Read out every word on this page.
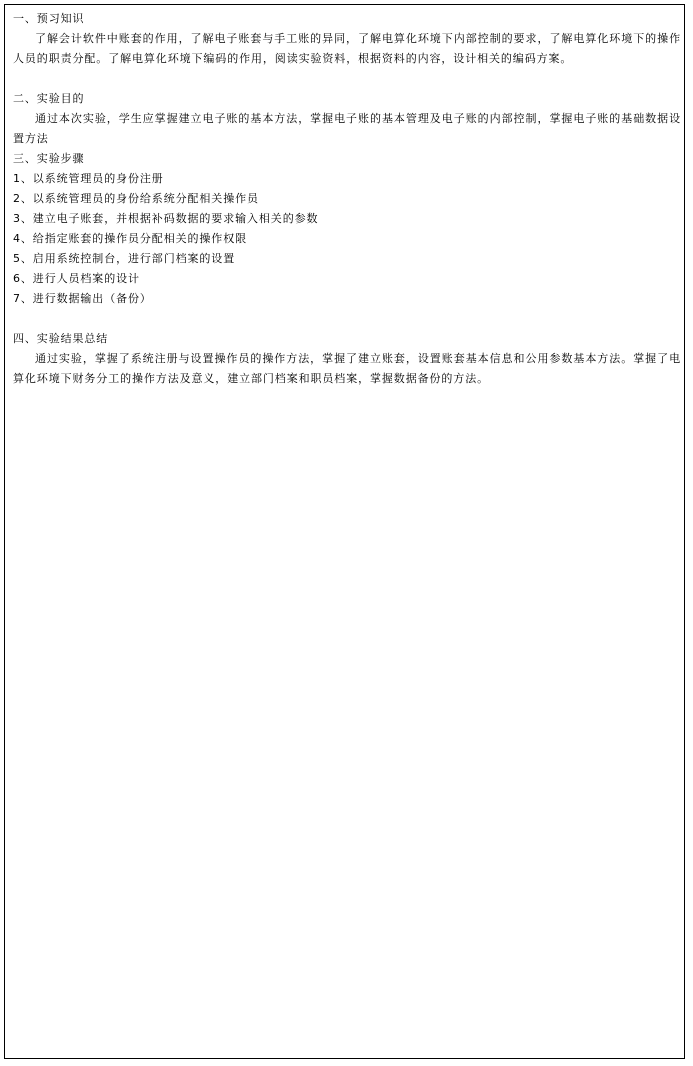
一、预习知识

了解会计软件中账套的作用，了解电子账套与手工账的异同，了解电算化环境下内部控制的要求，了解电算化环境下的操作人员的职责分配。了解电算化环境下编码的作用，阅读实验资料，根据资料的内容，设计相关的编码方案。

二、实验目的

通过本次实验，学生应掌握建立电子账的基本方法，掌握电子账的基本管理及电子账的内部控制，掌握电子账的基础数据设置方法

三、实验步骤

1、以系统管理员的身份注册

2、以系统管理员的身份给系统分配相关操作员

3、建立电子账套，并根据补码数据的要求输入相关的参数

4、给指定账套的操作员分配相关的操作权限

5、启用系统控制台，进行部门档案的设置

6、进行人员档案的设计

7、进行数据输出（备份）

四、实验结果总结

通过实验，掌握了系统注册与设置操作员的操作方法，掌握了建立账套，设置账套基本信息和公用参数基本方法。掌握了电算化环境下财务分工的操作方法及意义，建立部门档案和职员档案，掌握数据备份的方法。
